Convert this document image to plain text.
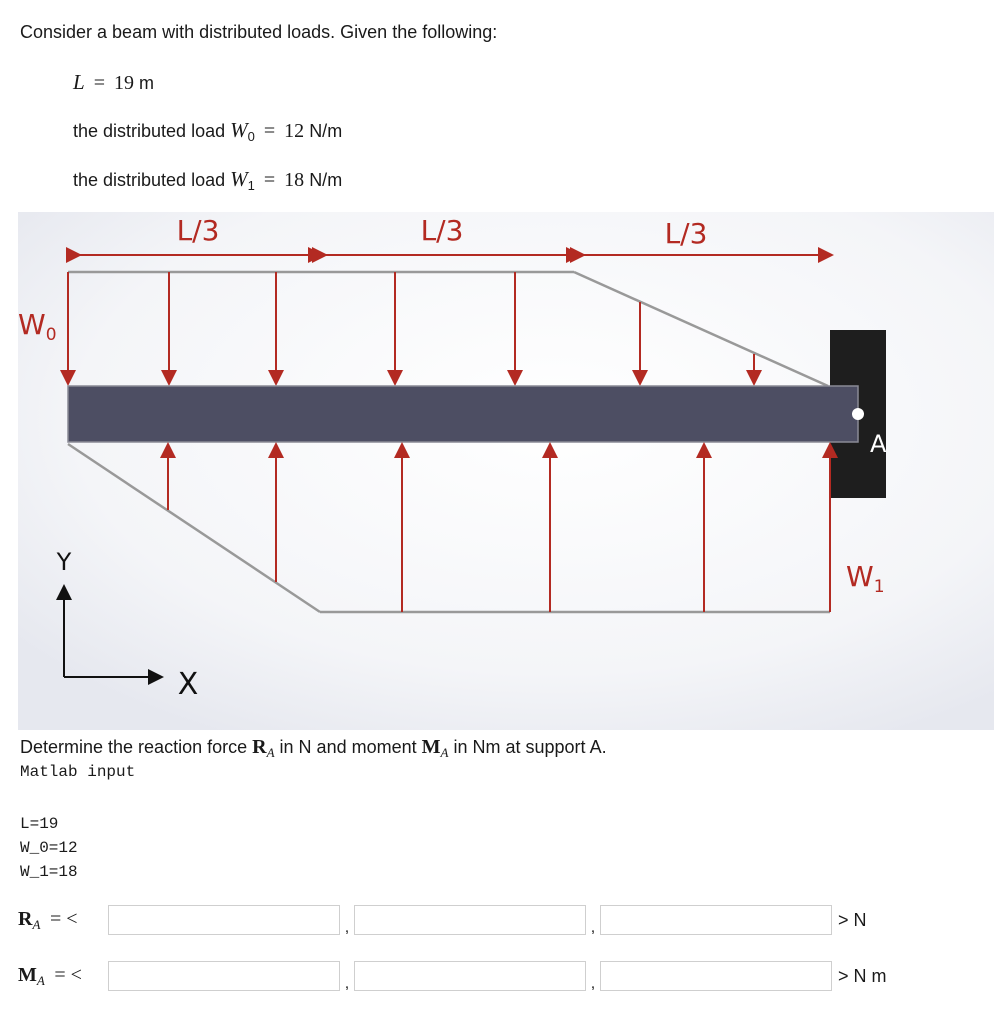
Consider a beam with distributed loads. Given the following:
L = 19 m
the distributed load $W_0 = 12$ N/m
the distributed load $W_1 = 18$ N/m
L/3	L/3	L/3
A
$W_0$
$W_1$
Y
X
Determine the reaction force $R_A$ in N and moment $M_A$ in Nm at support A.
Matlab input
L=19
W_0=12
W_1=18
$R_A$ = <	,	,	> N
$M_A$ = <	,	,	> N m
